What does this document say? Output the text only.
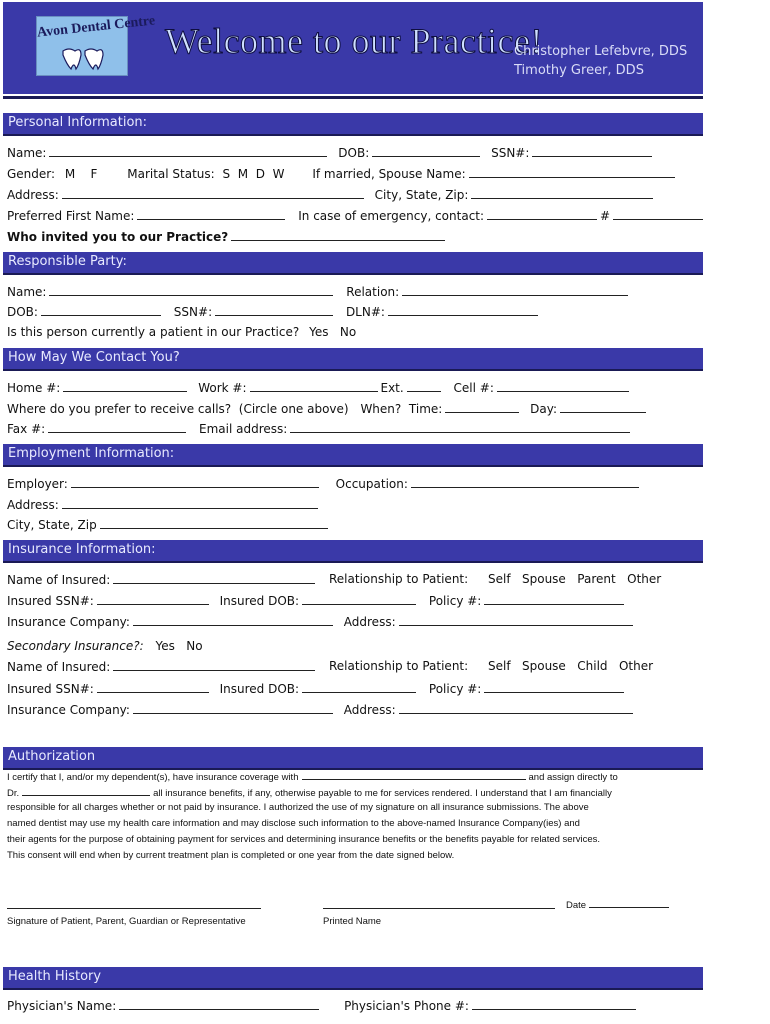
Avon Dental Centre Welcome to our Practice!
Christopher Lefebvre, DDS
Timothy Greer, DDS
Personal Information:
Name:	DOB:	SSN#:
Gender: M    F Marital Status: S  M  D  W If married, Spouse Name:
Address:	City, State, Zip:
Preferred First Name:	In case of emergency, contact:	#
Who invited you to our Practice?
Responsible Party:
Name:	Relation:
DOB:	SSN#:	DLN#:
Is this person currently a patient in our Practice? Yes   No
How May We Contact You?
Home #:	Work #:	Ext.	Cell #:
Where do you prefer to receive calls?  (Circle one above) When?  Time:	Day:
Fax #:	Email address:
Employment Information:
Employer:	Occupation:
Address:
City, State, Zip
Insurance Information:
Name of Insured:	Relationship to Patient: Self   Spouse   Parent   Other
Insured SSN#:	Insured DOB:	Policy #:
Insurance Company:	Address:
Secondary Insurance?: Yes   No
Name of Insured:	Relationship to Patient: Self   Spouse   Child   Other
Insured SSN#:	Insured DOB:	Policy #:
Insurance Company:	Address:
Authorization
I certify that I, and/or my dependent(s), have insurance coverage with	and assign directly to
Dr.	all insurance benefits, if any, otherwise payable to me for services rendered. I understand that I am financially
responsible for all charges whether or not paid by insurance. I authorized the use of my signature on all insurance submissions. The above
named dentist may use my health care information and may disclose such information to the above-named Insurance Company(ies) and
their agents for the purpose of obtaining payment for services and determining insurance benefits or the benefits payable for related services.
This consent will end when by current treatment plan is completed or one year from the date signed below.
Date
Signature of Patient, Parent, Guardian or Representative	Printed Name
Health History
Physician's Name:	Physician's Phone #:
